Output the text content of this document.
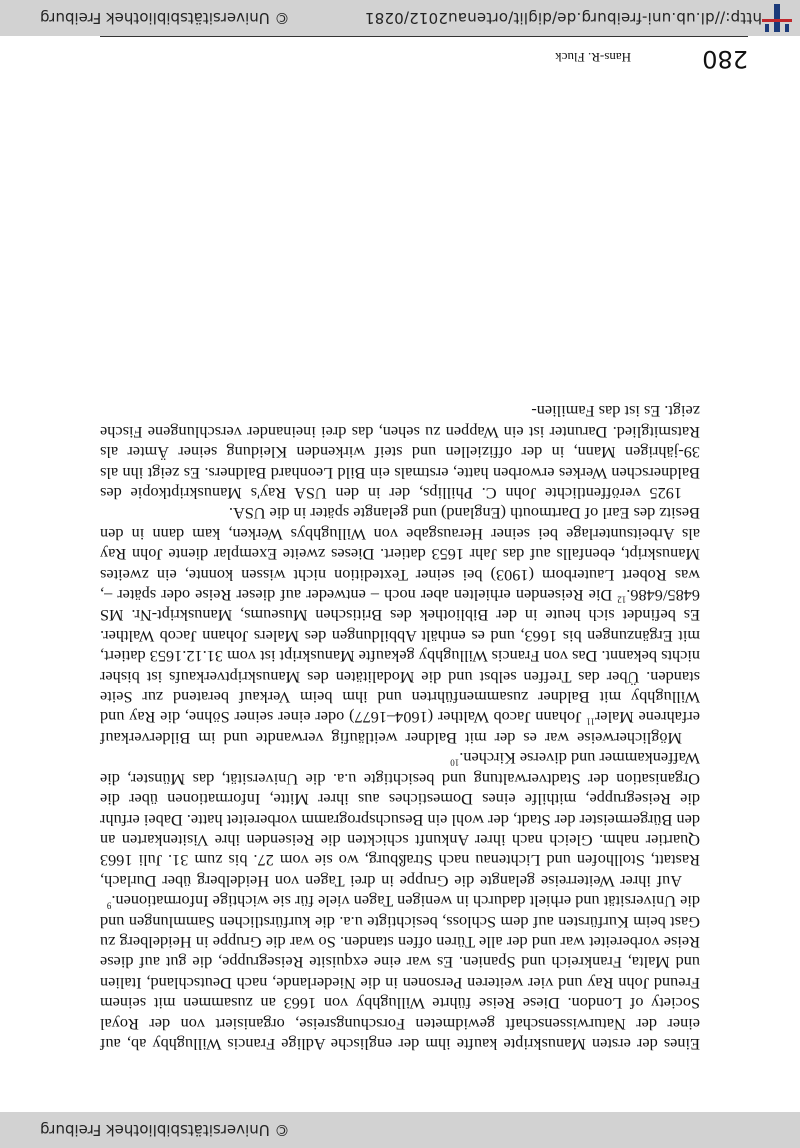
© Universitätsbibliothek Freiburg
280
Hans-R. Fluck

Eines der ersten Manuskripte kaufte ihm der englische Adlige Francis Willughby ab, auf einer der Naturwissenschaft gewidmeten Forschungsreise, organisiert von der Royal Society of London. Diese Reise führte Willughby von 1663 an zusammen mit seinem Freund John Ray und vier weiteren Personen in die Niederlande, nach Deutschland, Italien und Malta, Frankreich und Spanien. Es war eine exquisite Reisegruppe, die gut auf diese Reise vorbereitet war und der alle Türen offen standen. So war die Gruppe in Heidelberg zu Gast beim Kurfürsten auf dem Schloss, besichtigte u.a. die kurfürstlichen Sammlungen und die Universität und erhielt dadurch in wenigen Tagen viele für sie wichtige Informationen.$^9$

Auf ihrer Weiterreise gelangte die Gruppe in drei Tagen von Heidelberg über Durlach, Rastatt, Stollhofen und Lichtenau nach Straßburg, wo sie vom 27. bis zum 31. Juli 1663 Quartier nahm. Gleich nach ihrer Ankunft schickten die Reisenden ihre Visitenkarten an den Bürgermeister der Stadt, der wohl ein Besuchsprogramm vorbereitet hatte. Dabei erfuhr die Reisegruppe, mithilfe eines Domestiches aus ihrer Mitte, Informationen über die Organisation der Stadtverwaltung und besichtigte u.a. die Universität, das Münster, die Waffenkammer und diverse Kirchen.$^{10}$

Möglicherweise war es der mit Baldner weitläufig verwandte und im Bilderverkauf erfahrene Maler$^{11}$ Johann Jacob Walther (1604–1677) oder einer seiner Söhne, die Ray und Willughby mit Baldner zusammenführten und ihm beim Verkauf beratend zur Seite standen. Über das Treffen selbst und die Modalitäten des Manuskriptverkaufs ist bisher nichts bekannt. Das von Francis Willughby gekaufte Manuskript ist vom 31.12.1653 datiert, mit Ergänzungen bis 1663, und es enthält Abbildungen des Malers Johann Jacob Walther. Es befindet sich heute in der Bibliothek des Britischen Museums, Manuskript-Nr. MS 6485/6486.12 Die Reisenden erhielten aber noch – entweder auf dieser Reise oder später –, was Robert Lauterborn (1903) bei seiner Textedition nicht wissen konnte, ein zweites Manuskript, ebenfalls auf das Jahr 1653 datiert. Dieses zweite Exemplar diente John Ray als Arbeitsunterlage bei seiner Herausgabe von Willughbys Werken, kam dann in den Besitz des Earl of Dartmouth (England) und gelangte später in die USA.

1925 veröffentlichte John C. Phillips, der in den USA Ray's Manuskriptkopie des Baldnerschen Werkes erworben hatte, erstmals ein Bild Leonhard Baldners. Es zeigt ihn als 39-jährigen Mann, in der offiziellen und steif wirkenden Kleidung seiner Ämter als Ratsmitglied. Darunter ist ein Wappen zu sehen, das drei ineinander verschlungene Fische zeigt. Es ist das Familien-

http://dl.ub.uni-freiburg.de/diglit/ortenau2012/0281
© Universitätsbibliothek Freiburg
